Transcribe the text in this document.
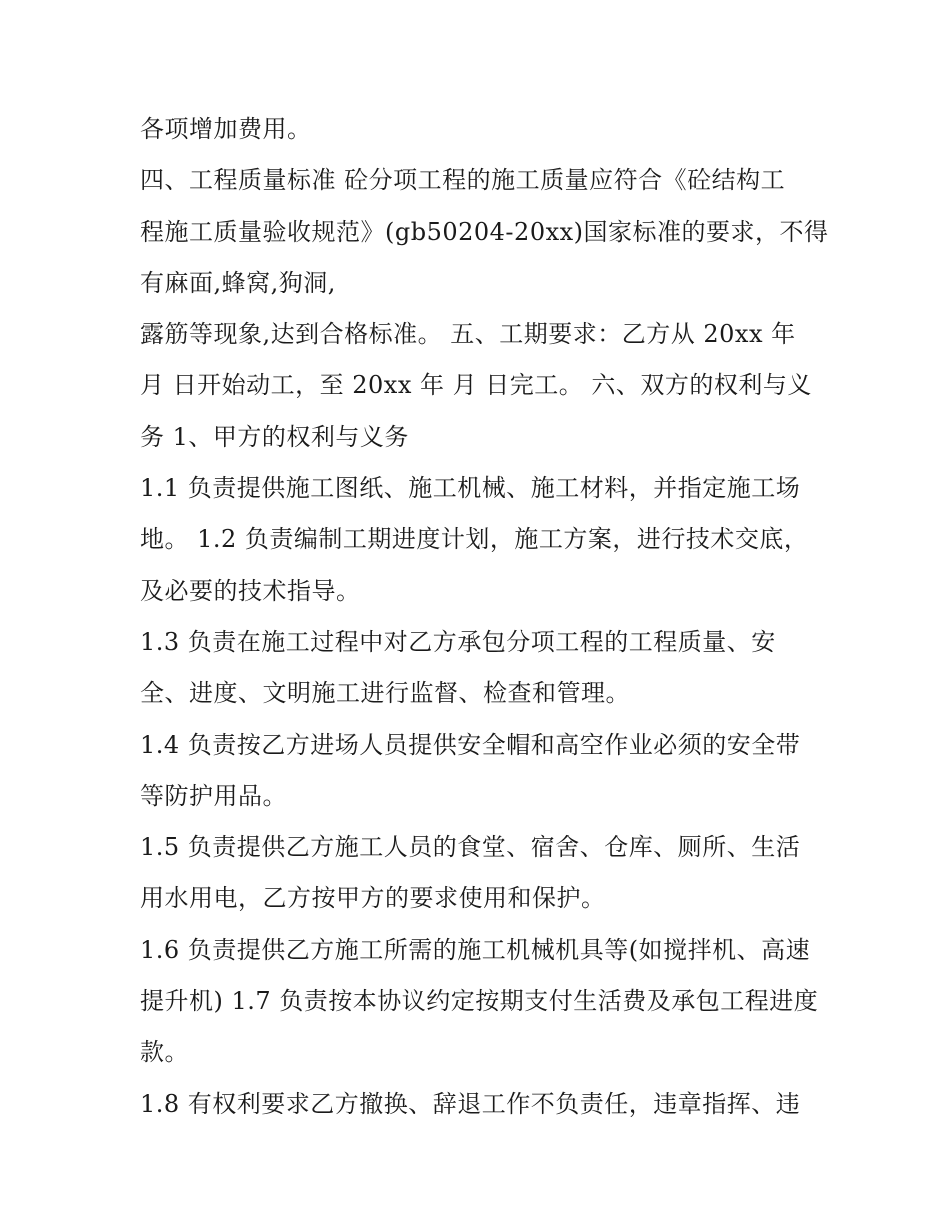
各项增加费用。
四、工程质量标准 砼分项工程的施工质量应符合《砼结构工
程施工质量验收规范》(gb50204-20xx)国家标准的要求，不得
有麻面,蜂窝,狗洞,
露筋等现象,达到合格标准。 五、工期要求：乙方从 20xx 年
月 日开始动工，至 20xx 年 月 日完工。 六、双方的权利与义
务 1、甲方的权利与义务
1.1 负责提供施工图纸、施工机械、施工材料，并指定施工场
地。 1.2 负责编制工期进度计划，施工方案，进行技术交底，
及必要的技术指导。
1.3 负责在施工过程中对乙方承包分项工程的工程质量、安
全、进度、文明施工进行监督、检查和管理。
1.4 负责按乙方进场人员提供安全帽和高空作业必须的安全带
等防护用品。
1.5 负责提供乙方施工人员的食堂、宿舍、仓库、厕所、生活
用水用电，乙方按甲方的要求使用和保护。
1.6 负责提供乙方施工所需的施工机械机具等(如搅拌机、高速
提升机) 1.7 负责按本协议约定按期支付生活费及承包工程进度
款。
1.8 有权利要求乙方撤换、辞退工作不负责任，违章指挥、违
